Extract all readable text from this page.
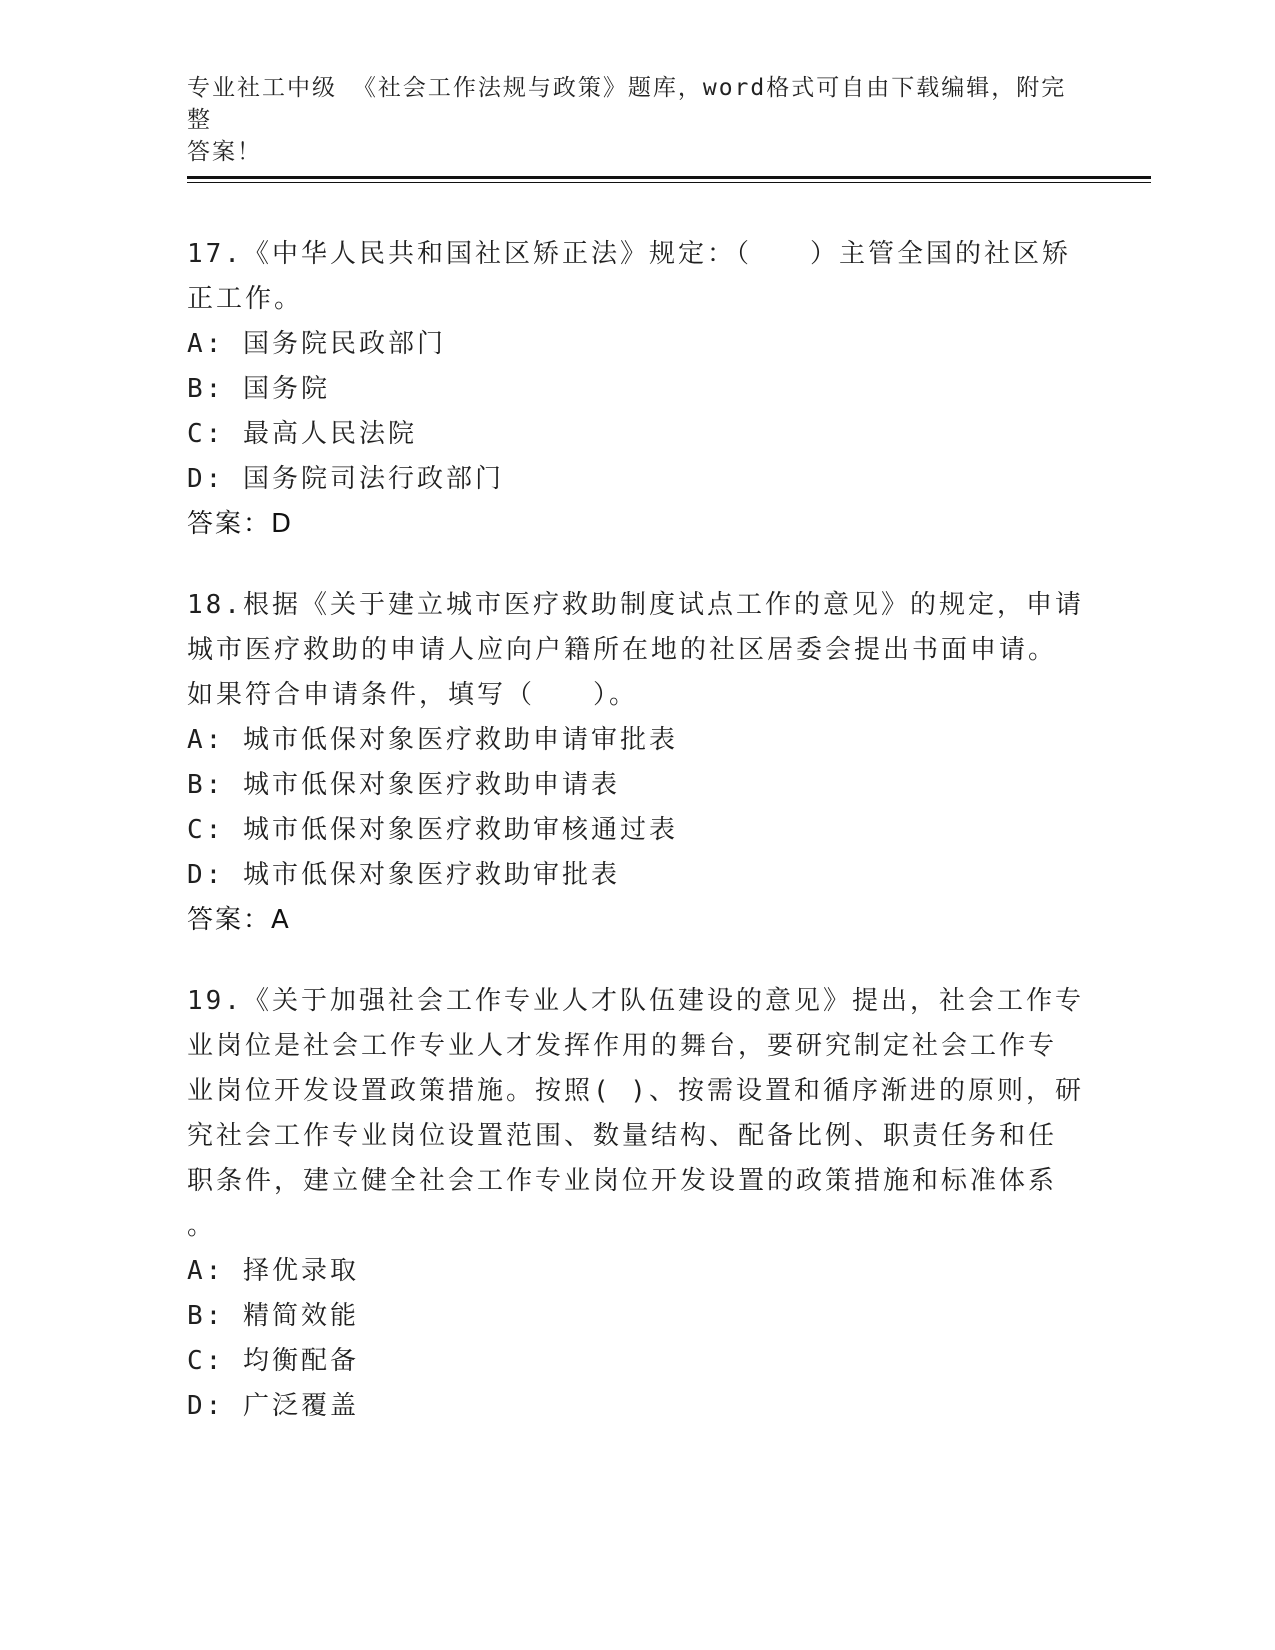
专业社工中级 《社会工作法规与政策》题库，word格式可自由下载编辑，附完整
答案！
17.《中华人民共和国社区矫正法》规定：（　　）主管全国的社区矫
正工作。
A: 国务院民政部门
B: 国务院
C: 最高人民法院
D: 国务院司法行政部门
答案：D
18.根据《关于建立城市医疗救助制度试点工作的意见》的规定，申请
城市医疗救助的申请人应向户籍所在地的社区居委会提出书面申请。
如果符合申请条件，填写（　　）。
A: 城市低保对象医疗救助申请审批表
B: 城市低保对象医疗救助申请表
C: 城市低保对象医疗救助审核通过表
D: 城市低保对象医疗救助审批表
答案：A
19.《关于加强社会工作专业人才队伍建设的意见》提出，社会工作专
业岗位是社会工作专业人才发挥作用的舞台，要研究制定社会工作专
业岗位开发设置政策措施。按照( )、按需设置和循序渐进的原则，研
究社会工作专业岗位设置范围、数量结构、配备比例、职责任务和任
职条件，建立健全社会工作专业岗位开发设置的政策措施和标准体系
。
A: 择优录取
B: 精简效能
C: 均衡配备
D: 广泛覆盖
